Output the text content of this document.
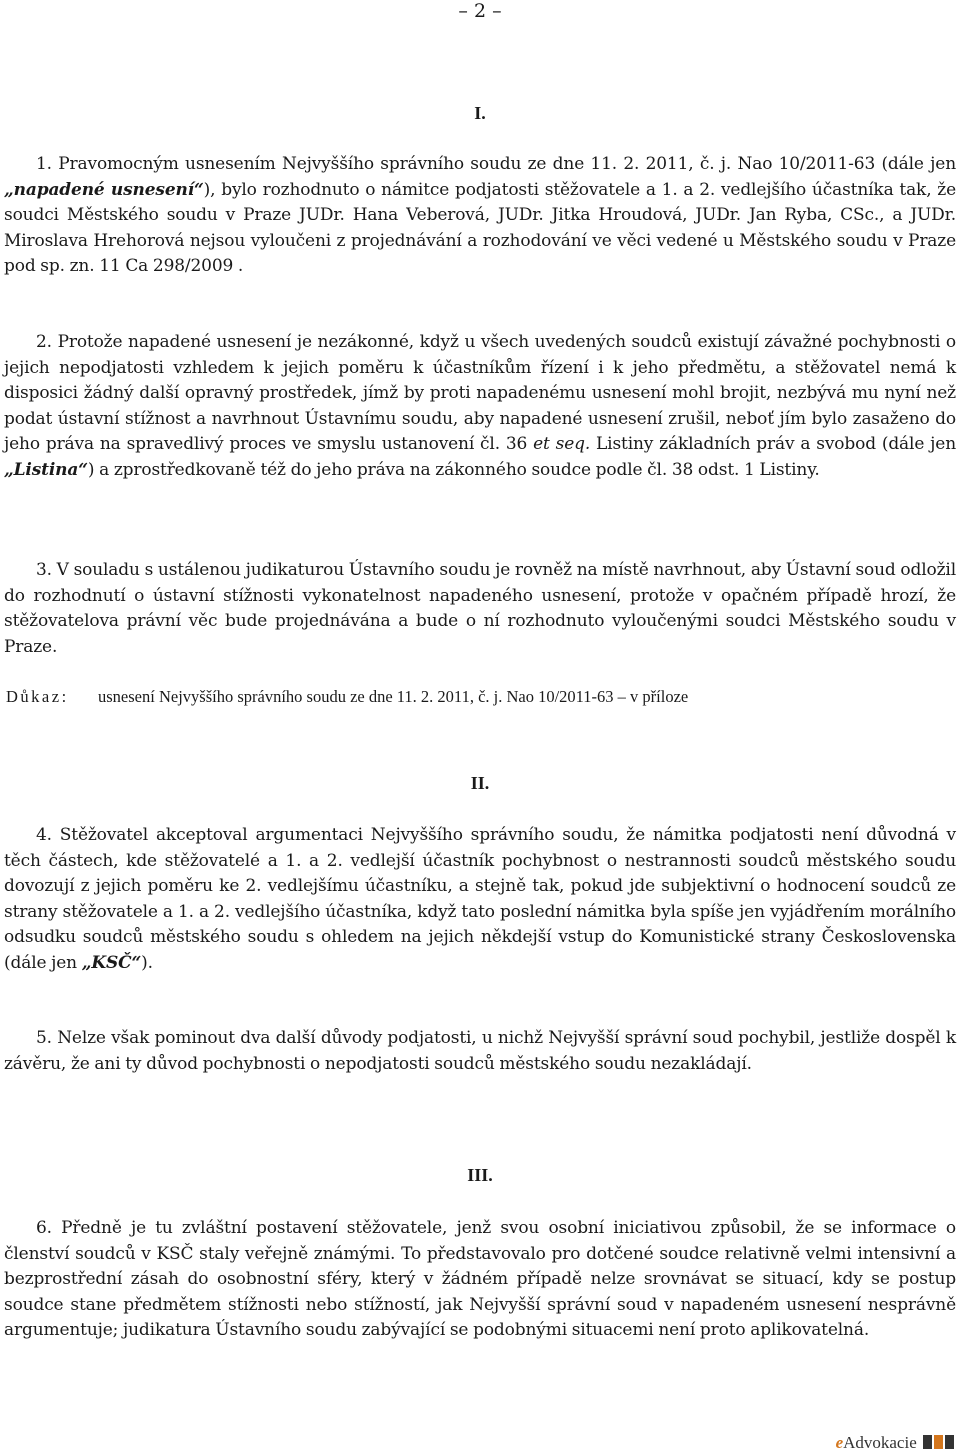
– 2 –
I.
1. Pravomocným usnesením Nejvyššího správního soudu ze dne 11. 2. 2011, č. j. Nao 10/2011-63 (dále jen „napadené usnesení“), bylo rozhodnuto o námitce podjatosti stěžovatele a 1. a 2. vedlejšího účastníka tak, že soudci Městského soudu v Praze JUDr. Hana Veberová, JUDr. Jitka Hroudová, JUDr. Jan Ryba, CSc., a JUDr. Miroslava Hrehorová nejsou vyloučeni z projednávání a rozhodování ve věci vedené u Městského soudu v Praze pod sp. zn. 11 Ca 298/2009 .
2. Protože napadené usnesení je nezákonné, když u všech uvedených soudců existují závažné pochybnosti o jejich nepodjatosti vzhledem k jejich poměru k účastníkům řízení i k jeho předmětu, a stěžovatel nemá k disposici žádný další opravný prostředek, jímž by proti napadenému usnesení mohl brojit, nezbývá mu nyní než podat ústavní stížnost a navrhnout Ústavnímu soudu, aby napadené usnesení zrušil, neboť jím bylo zasaženo do jeho práva na spravedlivý proces ve smyslu ustanovení čl. 36 et seq. Listiny základních práv a svobod (dále jen „Listina“) a zprostředkovaně též do jeho práva na zákonného soudce podle čl. 38 odst. 1 Listiny.
3. V souladu s ustálenou judikaturou Ústavního soudu je rovněž na místě navrhnout, aby Ústavní soud odložil do rozhodnutí o ústavní stížnosti vykonatelnost napadeného usnesení, protože v opačném případě hrozí, že stěžovatelova právní věc bude projednávána a bude o ní rozhodnuto vyloučenými soudci Městského soudu v Praze.
Důkaz: usnesení Nejvyššího správního soudu ze dne 11. 2. 2011, č. j. Nao 10/2011-63 – v příloze
II.
4. Stěžovatel akceptoval argumentaci Nejvyššího správního soudu, že námitka podjatosti není důvodná v těch částech, kde stěžovatelé a 1. a 2. vedlejší účastník pochybnost o nestrannosti soudců městského soudu dovozují z jejich poměru ke 2. vedlejšímu účastníku, a stejně tak, pokud jde subjektivní o hodnocení soudců ze strany stěžovatele a 1. a 2. vedlejšího účastníka, když tato poslední námitka byla spíše jen vyjádřením morálního odsudku soudců městského soudu s ohledem na jejich někdejší vstup do Komunistické strany Československa (dále jen „KSČ“).
5. Nelze však pominout dva další důvody podjatosti, u nichž Nejvyšší správní soud pochybil, jestliže dospěl k závěru, že ani ty důvod pochybnosti o nepodjatosti soudců městského soudu nezakládají.
III.
6. Předně je tu zvláštní postavení stěžovatele, jenž svou osobní iniciativou způsobil, že se informace o členství soudců v KSČ staly veřejně známými. To představovalo pro dotčené soudce relativně velmi intensivní a bezprostřední zásah do osobnostní sféry, který v žádném případě nelze srovnávat se situací, kdy se postup soudce stane předmětem stížnosti nebo stížností, jak Nejvyšší správní soud v napadeném usnesení nesprávně argumentuje; judikatura Ústavního soudu zabývající se podobnými situacemi není proto aplikovatelná.
eAdvokacie
